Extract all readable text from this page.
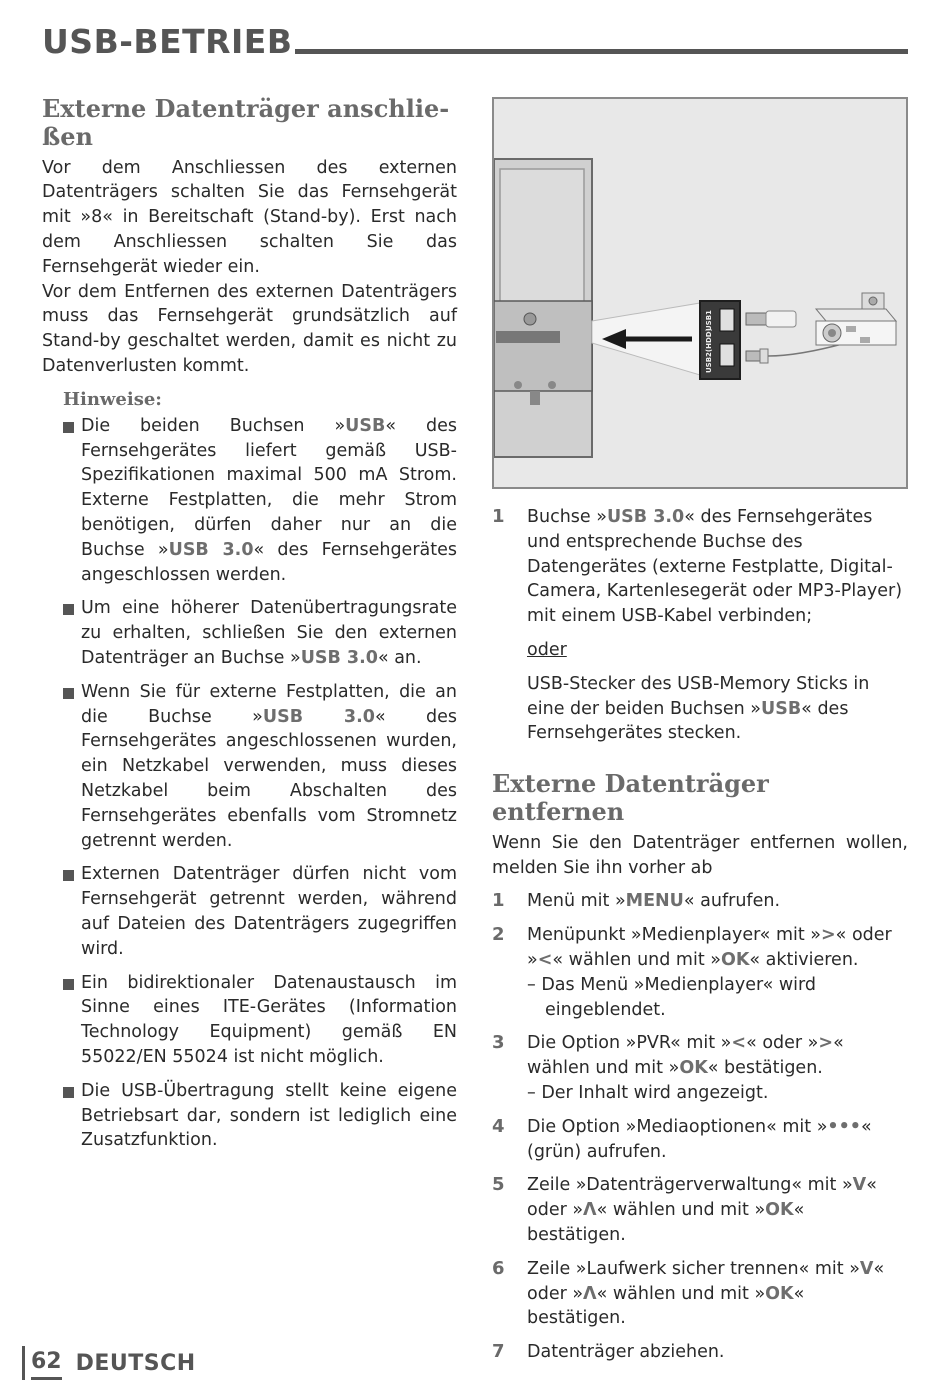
USB-BETRIEB
Externe Datenträger anschlie-
ßen

Vor dem Anschliessen des externen Datenträgers schalten Sie das Fernsehgerät mit »8« in Bereitschaft (Stand-by). Erst nach dem Anschliessen schalten Sie das Fernsehgerät wieder ein.

Vor dem Entfernen des externen Datenträgers muss das Fernsehgerät grundsätzlich auf Stand-by geschaltet werden, damit es nicht zu Datenverlusten kommt.

Hinweise:
Die beiden Buchsen »USB« des Fernsehgerätes liefert gemäß USB-Spezifikationen maximal 500 mA Strom. Externe Festplatten, die mehr Strom benötigen, dürfen daher nur an die Buchse »USB 3.0« des Fernsehgerätes angeschlossen werden.
Um eine höherer Datenübertragungsrate zu erhalten, schließen Sie den externen Datenträger an Buchse »USB 3.0« an.
Wenn Sie für externe Festplatten, die an die Buchse »USB 3.0« des Fernsehgerätes angeschlossenen wurden, ein Netzkabel verwenden, muss dieses Netzkabel beim Abschalten des Fernsehgerätes ebenfalls vom Stromnetz getrennt werden.
Externen Datenträger dürfen nicht vom Fernsehgerät getrennt werden, während auf Dateien des Datenträgers zugegriffen wird.
Ein bidirektionaler Datenaustausch im Sinne eines ITE-Gerätes (Information Technology Equipment) gemäß EN 55022/EN 55024 ist nicht möglich.
Die USB-Übertragung stellt keine eigene Betriebsart dar, sondern ist lediglich eine Zusatzfunktion.
USB1
USB2(HDD)
1 Buchse »USB 3.0« des Fernsehgerätes und entsprechende Buchse des Datengerätes (externe Festplatte, Digital-Camera, Kartenlesegerät oder MP3-Player) mit einem USB-Kabel verbinden;
oder
USB-Stecker des USB-Memory Sticks in eine der beiden Buchsen »USB« des Fernsehgerätes stecken.
Externe Datenträger entfernen

Wenn Sie den Datenträger entfernen wollen, melden Sie ihn vorher ab

1 Menü mit »MENU« aufrufen.
2 Menüpunkt »Medienplayer« mit »>« oder »<« wählen und mit »OK« aktivieren.
– Das Menü »Medienplayer« wird eingeblendet.
3 Die Option »PVR« mit »<« oder »>« wählen und mit »OK« bestätigen.
– Der Inhalt wird angezeigt.
4 Die Option »Mediaoptionen« mit »•••« (grün) aufrufen.
5 Zeile »Datenträgerverwaltung« mit »V« oder »Λ« wählen und mit »OK« bestätigen.
6 Zeile »Laufwerk sicher trennen« mit »V« oder »Λ« wählen und mit »OK« bestätigen.
7 Datenträger abziehen.
62 DEUTSCH
